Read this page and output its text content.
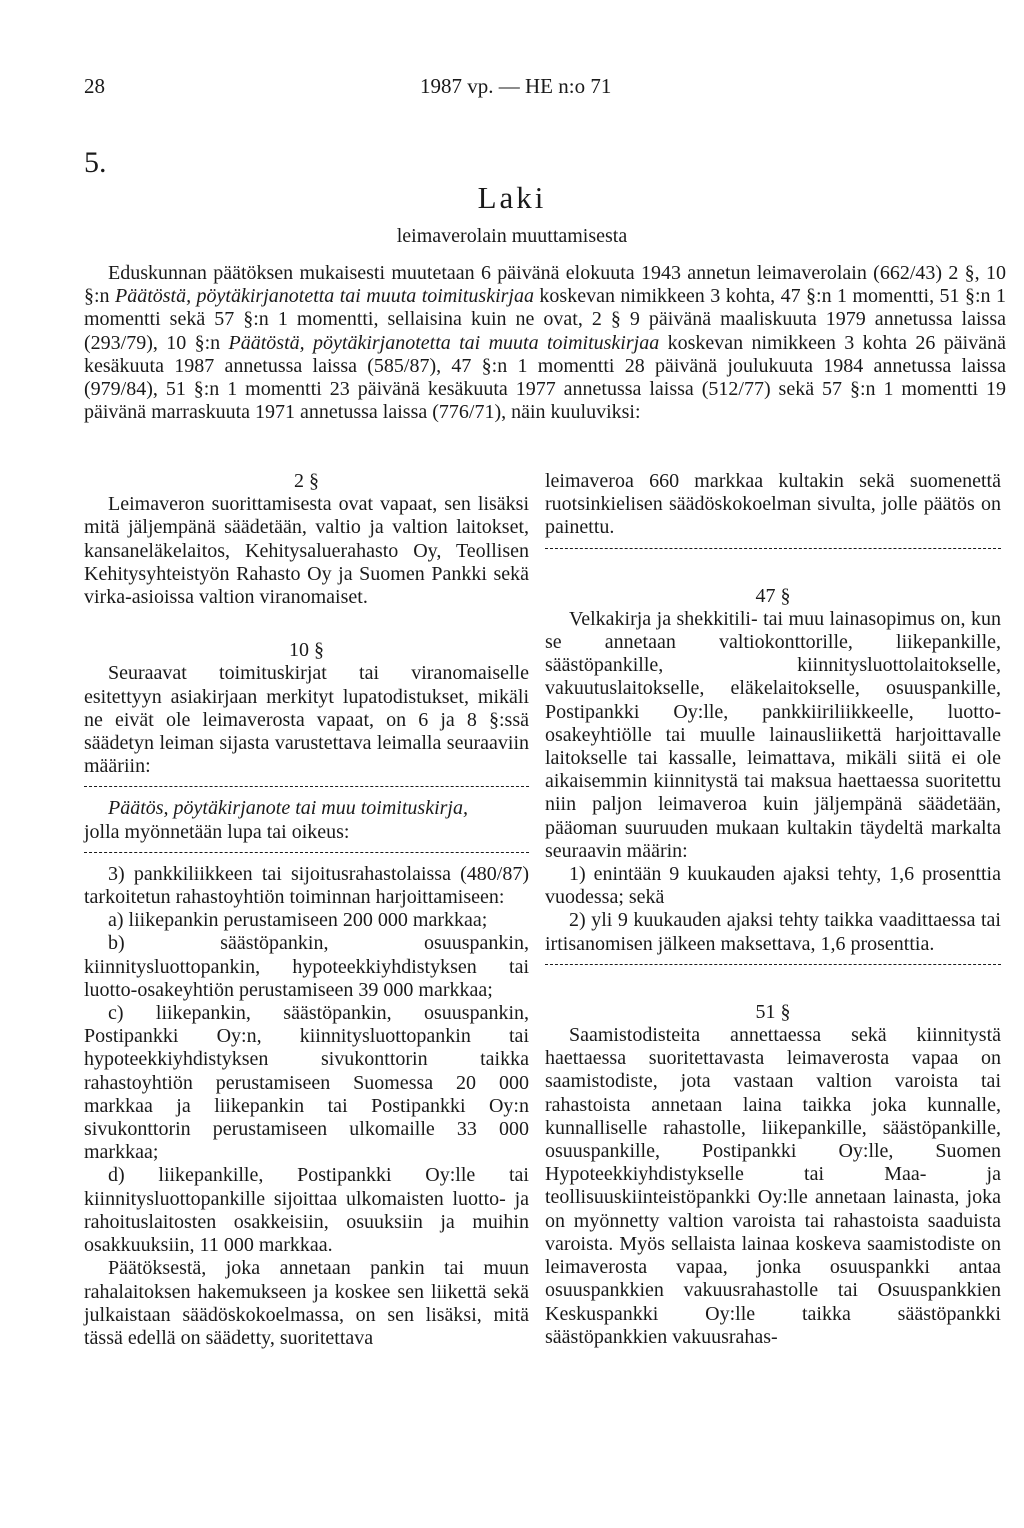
28	1987 vp. — HE n:o 71
5.
Laki
leimaverolain muuttamisesta

Eduskunnan päätöksen mukaisesti muutetaan 6 päivänä elokuuta 1943 annetun leimaverolain (662/43) 2 §, 10 §:n Päätöstä, pöytäkirjanotetta tai muuta toimituskirjaa koskevan nimikkeen 3 kohta, 47 §:n 1 momentti, 51 §:n 1 momentti sekä 57 §:n 1 momentti, sellaisina kuin ne ovat, 2 § 9 päivänä maaliskuuta 1979 annetussa laissa (293/79), 10 §:n Päätöstä, pöytäkirjanotetta tai muuta toimituskirjaa koskevan nimikkeen 3 kohta 26 päivänä kesäkuuta 1987 annetussa laissa (585/87), 47 §:n 1 momentti 28 päivänä joulukuuta 1984 annetussa laissa (979/84), 51 §:n 1 momentti 23 päivänä kesäkuuta 1977 annetussa laissa (512/77) sekä 57 §:n 1 momentti 19 päivänä marraskuuta 1971 annetussa laissa (776/71), näin kuuluviksi:

2 §

Leimaveron suorittamisesta ovat vapaat, sen lisäksi mitä jäljempänä säädetään, valtio ja valtion laitokset, kansaneläkelaitos, Kehitysaluerahasto Oy, Teollisen Kehitysyhteistyön Rahasto Oy ja Suomen Pankki sekä virka-asioissa valtion viranomaiset.

10 §

Seuraavat toimituskirjat tai viranomaiselle esitettyyn asiakirjaan merkityt lupatodistukset, mikäli ne eivät ole leimaverosta vapaat, on 6 ja 8 §:ssä säädetyn leiman sijasta varustettava leimalla seuraaviin määriin:

Päätös, pöytäkirjanote tai muu toimituskirja,

jolla myönnetään lupa tai oikeus:

3) pankkiliikkeen tai sijoitusrahastolaissa (480/87) tarkoitetun rahastoyhtiön toiminnan harjoittamiseen:

a) liikepankin perustamiseen 200 000 markkaa;

b) säästöpankin, osuuspankin, kiinnitysluottopankin, hypoteekkiyhdistyksen tai luotto-osakeyhtiön perustamiseen 39 000 markkaa;

c) liikepankin, säästöpankin, osuuspankin, Postipankki Oy:n, kiinnitysluottopankin tai hypoteekkiyhdistyksen sivukonttorin taikka rahastoyhtiön perustamiseen Suomessa 20 000 markkaa ja liikepankin tai Postipankki Oy:n sivukonttorin perustamiseen ulkomaille 33 000 markkaa;

d) liikepankille, Postipankki Oy:lle tai kiinnitysluottopankille sijoittaa ulkomaisten luotto- ja rahoituslaitosten osakkeisiin, osuuksiin ja muihin osakkuuksiin, 11 000 markkaa.

Päätöksestä, joka annetaan pankin tai muun rahalaitoksen hakemukseen ja koskee sen liikettä sekä julkaistaan säädöskokoelmassa, on sen lisäksi, mitä tässä edellä on säädetty, suoritettava

leimaveroa 660 markkaa kultakin sekä suomenettä ruotsinkielisen säädöskokoelman sivulta, jolle päätös on painettu.

47 §

Velkakirja ja shekkitili- tai muu lainasopimus on, kun se annetaan valtiokonttorille, liikepankille, säästöpankille, kiinnitysluottolaitokselle, vakuutuslaitokselle, eläkelaitokselle, osuuspankille, Postipankki Oy:lle, pankkiiriliikkeelle, luotto-osakeyhtiölle tai muulle lainausliikettä harjoittavalle laitokselle tai kassalle, leimattava, mikäli siitä ei ole aikaisemmin kiinnitystä tai maksua haettaessa suoritettu niin paljon leimaveroa kuin jäljempänä säädetään, pääoman suuruuden mukaan kultakin täydeltä markalta seuraavin määrin:

1) enintään 9 kuukauden ajaksi tehty, 1,6 prosenttia vuodessa; sekä

2) yli 9 kuukauden ajaksi tehty taikka vaadittaessa tai irtisanomisen jälkeen maksettava, 1,6 prosenttia.

51 §

Saamistodisteita annettaessa sekä kiinnitystä haettaessa suoritettavasta leimaverosta vapaa on saamistodiste, jota vastaan valtion varoista tai rahastoista annetaan laina taikka joka kunnalle, kunnalliselle rahastolle, liikepankille, säästöpankille, osuuspankille, Postipankki Oy:lle, Suomen Hypoteekkiyhdistykselle tai Maa- ja teollisuuskiinteistöpankki Oy:lle annetaan lainasta, joka on myönnetty valtion varoista tai rahastoista saaduista varoista. Myös sellaista lainaa koskeva saamistodiste on leimaverosta vapaa, jonka osuuspankki antaa osuuspankkien vakuusrahastolle tai Osuuspankkien Keskuspankki Oy:lle taikka säästöpankki säästöpankkien vakuusrahas-
